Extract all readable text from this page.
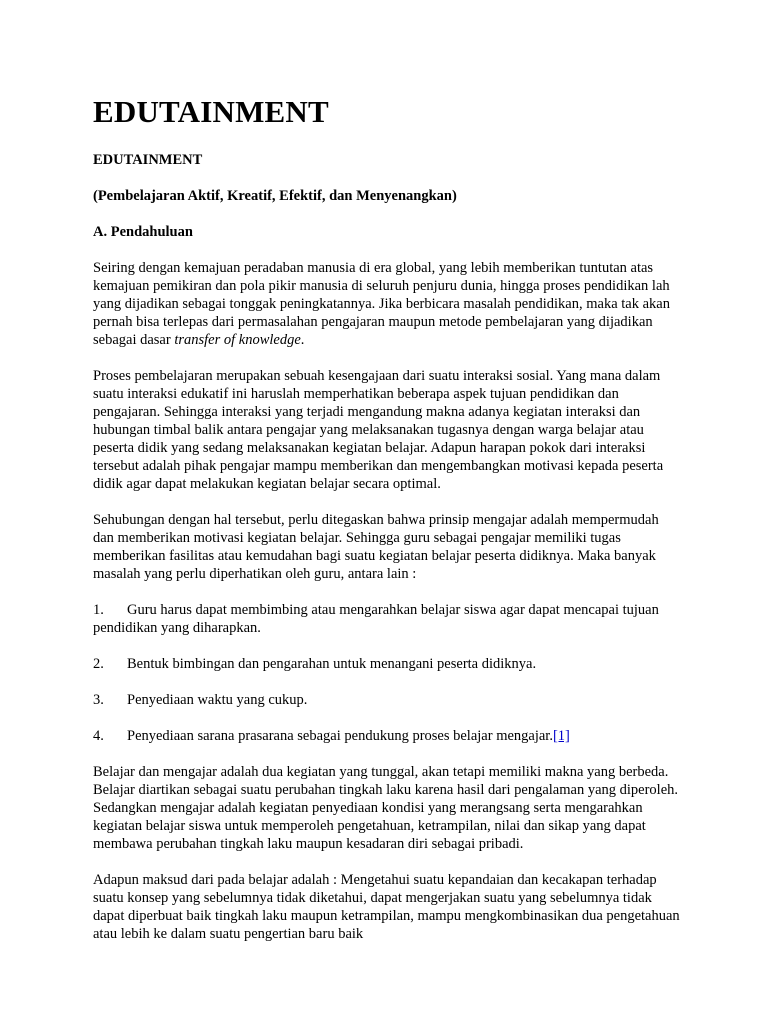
EDUTAINMENT
EDUTAINMENT
(Pembelajaran Aktif, Kreatif, Efektif, dan Menyenangkan)
A. Pendahuluan

Seiring dengan kemajuan peradaban manusia di era global, yang lebih memberikan tuntutan atas kemajuan pemikiran dan pola pikir manusia di seluruh penjuru dunia, hingga proses pendidikan lah yang dijadikan sebagai tonggak peningkatannya. Jika berbicara masalah pendidikan, maka tak akan pernah bisa terlepas dari permasalahan pengajaran maupun metode pembelajaran yang dijadikan sebagai dasar transfer of knowledge.

Proses pembelajaran merupakan sebuah kesengajaan dari suatu interaksi sosial. Yang mana dalam suatu interaksi edukatif ini haruslah memperhatikan beberapa aspek tujuan pendidikan dan pengajaran. Sehingga interaksi yang terjadi mengandung makna adanya kegiatan interaksi dan hubungan timbal balik antara pengajar yang melaksanakan tugasnya dengan warga belajar atau peserta didik yang sedang melaksanakan kegiatan belajar. Adapun harapan pokok dari interaksi tersebut adalah pihak pengajar mampu memberikan dan mengembangkan motivasi kepada peserta didik agar dapat melakukan kegiatan belajar secara optimal.

Sehubungan dengan hal tersebut, perlu ditegaskan bahwa prinsip mengajar adalah mempermudah dan memberikan motivasi kegiatan belajar. Sehingga guru sebagai pengajar memiliki tugas memberikan fasilitas atau kemudahan bagi suatu kegiatan belajar peserta didiknya. Maka banyak masalah yang perlu diperhatikan oleh guru, antara lain :

1. Guru harus dapat membimbing atau mengarahkan belajar siswa agar dapat mencapai tujuan pendidikan yang diharapkan.
2. Bentuk bimbingan dan pengarahan untuk menangani peserta didiknya.
3. Penyediaan waktu yang cukup.
4. Penyediaan sarana prasarana sebagai pendukung proses belajar mengajar.[1]

Belajar dan mengajar adalah dua kegiatan yang tunggal, akan tetapi memiliki makna yang berbeda. Belajar diartikan sebagai suatu perubahan tingkah laku karena hasil dari pengalaman yang diperoleh. Sedangkan mengajar adalah kegiatan penyediaan kondisi yang merangsang serta mengarahkan kegiatan belajar siswa untuk memperoleh pengetahuan, ketrampilan, nilai dan sikap yang dapat membawa perubahan tingkah laku maupun kesadaran diri sebagai pribadi.

Adapun maksud dari pada belajar adalah : Mengetahui suatu kepandaian dan kecakapan terhadap suatu konsep yang sebelumnya tidak diketahui, dapat mengerjakan suatu yang sebelumnya tidak dapat diperbuat baik tingkah laku maupun ketrampilan, mampu mengkombinasikan dua pengetahuan atau lebih ke dalam suatu pengertian baru baik
